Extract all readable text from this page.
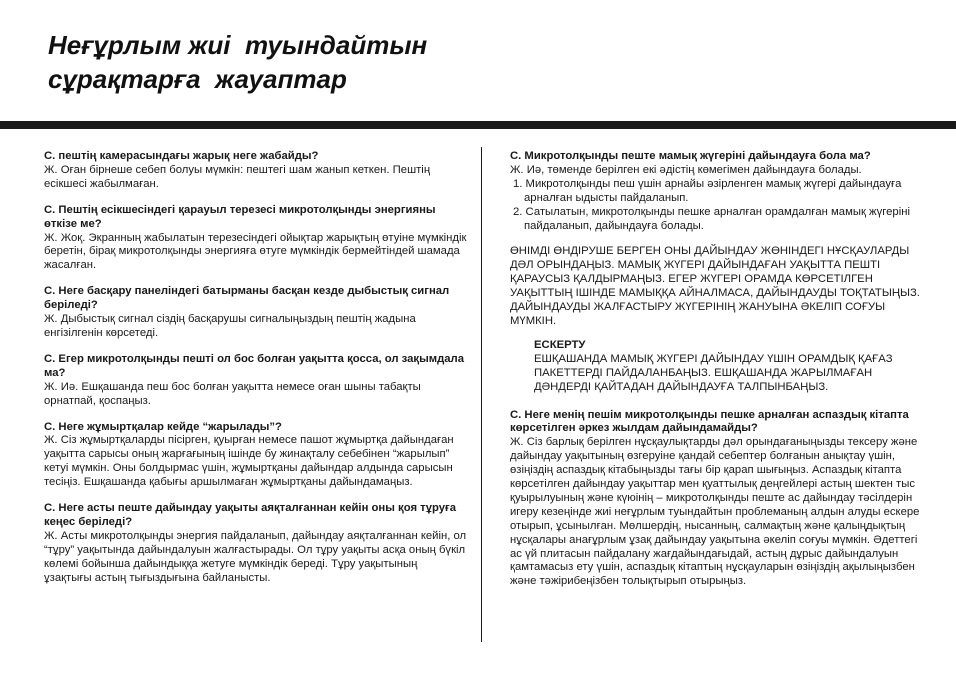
Неғұрлым жиі  туындайтын
сұрақтарға  жауаптар
С. пештің камерасындағы жарық неге жабайды?
Ж. Оған бірнеше себеп болуы мүмкін: пештегі шам жанып кеткен. Пештің есікшесі жабылмаған.
С. Пештің есікшесіндегі қарауыл терезесі микротолқынды энергияны өткізе ме?
Ж. Жоқ. Экранның жабылатын терезесіндегі ойықтар жарықтың өтуіне мүмкіндік беретін, бірақ микротолқынды энергияға өтуге мүмкіндік бермейтіндей шамада жасалған.
С. Неге басқару панеліндегі батырманы басқан кезде дыбыстық сигнал беріледі?
Ж. Дыбыстық сигнал сіздің басқарушы сигналыңыздың пештің жадына енгізілгенін көрсетеді.
С. Егер микротолқынды пешті ол бос болған уақытта қосса, ол зақымдала ма?
Ж. Иә. Ешқашанда пеш бос болған уақытта немесе оған шыны табақты орнатпай, қоспаңыз.
С. Неге жұмыртқалар кейде “жарылады”?
Ж. Сіз жұмыртқаларды пісірген, қуырған немесе пашот жұмыртқа дайындаған уақытта сарысы оның жарғағының ішінде бу жинақталу себебінен “жарылып” кетуі мүмкін. Оны болдырмас үшін, жұмыртқаны дайындар алдында сарысын тесіңіз. Ешқашанда қабығы аршылмаған жұмыртқаны дайындамаңыз.
С. Неге асты пеште дайындау уақыты аяқталғаннан кейін оны қоя тұруға кеңес беріледі?
Ж. Асты микротолқынды энергия пайдаланып, дайындау аяқталғаннан кейін, ол “тұру” уақытында дайындалуын жалғастырады. Ол тұру уақыты асқа оның бүкіл көлемі бойынша дайындыққа жетуге мүмкіндік береді. Тұру уақытының ұзақтығы астың тығыздығына байланысты.
С. Микротолқынды пеште мамық жүгеріні дайындауға бола ма?
Ж. Иә, төменде берілген екі әдістің көмегімен дайындауға болады.
1. Микротолқынды пеш үшін арнайы әзірленген мамық жүгері дайындауға арналған ыдысты пайдаланып.
2. Сатылатын, микротолқынды пешке арналған орамдалған мамық жүгеріні пайдаланып, дайындауға болады.
ӨНІМДІ ӨНДІРУШЕ БЕРГЕН ОНЫ ДАЙЫНДАУ ЖӨНІНДЕГІ НҰСҚАУЛАРДЫ ДӘЛ ОРЫНДАҢЫЗ. МАМЫҚ ЖҮГЕРІ ДАЙЫНДАҒАН УАҚЫТТА ПЕШТІ ҚАРАУСЫЗ ҚАЛДЫРМАҢЫЗ. ЕГЕР ЖҮГЕРІ ОРАМДА КӨРСЕТІЛГЕН УАҚЫТТЫҢ ІШІНДЕ МАМЫҚҚА АЙНАЛМАСА, ДАЙЫНДАУДЫ ТОҚТАТЫҢЫЗ. ДАЙЫНДАУДЫ ЖАЛҒАСТЫРУ ЖҮГЕРІНІҢ ЖАНУЫНА ӘКЕЛІП СОҒУЫ МҮМКІН.
ЕСКЕРТУ
ЕШҚАШАНДА МАМЫҚ ЖҮГЕРІ ДАЙЫНДАУ ҮШІН ОРАМДЫҚ ҚАҒАЗ ПАКЕТТЕРДІ ПАЙДАЛАНБАҢЫЗ. ЕШҚАШАНДА ЖАРЫЛМАҒАН ДӘНДЕРДІ ҚАЙТАДАН ДАЙЫНДАУҒА ТАЛПЫНБАҢЫЗ.
С. Неге менің пешім микротолқынды пешке арналған аспаздық кітапта көрсетілген әркез жылдам дайындамайды?
Ж. Сіз барлық берілген нұсқаулықтарды дәл орындағаныңызды тексеру және дайындау уақытының өзгеруіне қандай себептер болғанын анықтау үшін, өзіңіздің аспаздық кітабыңызды тағы бір қарап шығыңыз. Аспаздық кітапта көрсетілген дайындау уақыттар мен қуаттылық деңгейлері астың шектен тыс қуырылуының және күюінің – микротолқынды пеште ас дайындау тәсілдерін игеру кезеңінде жиі неғұрлым туындайтын проблеманың алдын алуды ескере отырып, ұсынылған. Мөлшердің, нысанның, салмақтың және қалыңдықтың нұсқалары анағұрлым ұзақ дайындау уақытына әкеліп соғуы мүмкін. Әдеттегі ас үй плитасын пайдалану жағдайындағыдай, астың дұрыс дайындалуын қамтамасыз ету үшін, аспаздық кітаптың нұсқауларын өзіңіздің ақылыңызбен және тәжірибеңізбен толықтырып отырыңыз.
